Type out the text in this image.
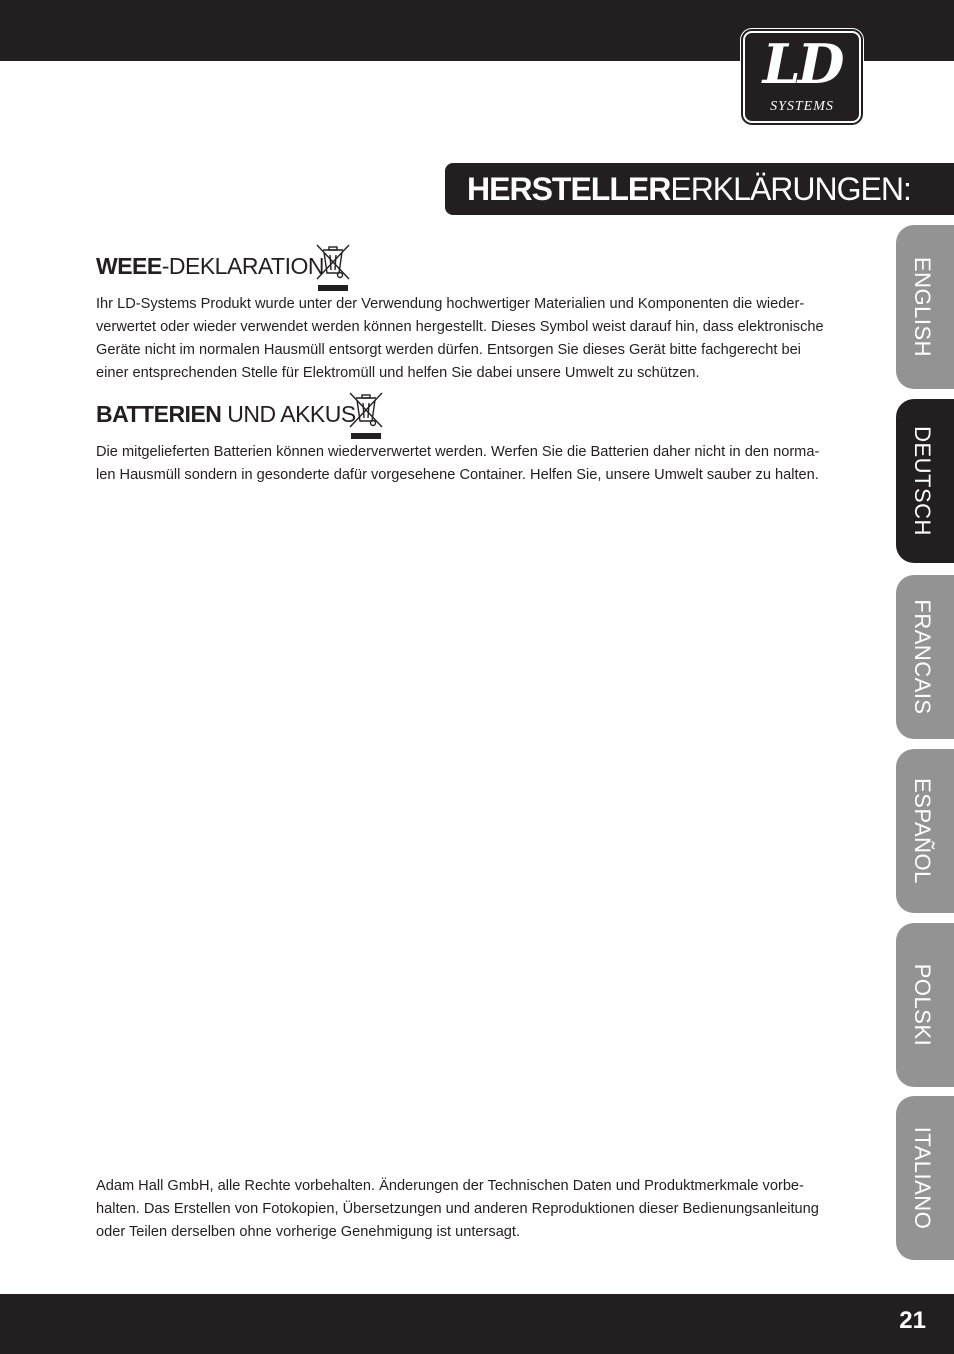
LD
SYSTEMS
HERSTELLERERKLÄRUNGEN:
WEEE-DEKLARATION

Ihr LD-Systems Produkt wurde unter der Verwendung hochwertiger Materialien und Komponenten die wieder-
verwertet oder wieder verwendet werden können hergestellt. Dieses Symbol weist darauf hin, dass elektronische
Geräte nicht im normalen Hausmüll entsorgt werden dürfen. Entsorgen Sie dieses Gerät bitte fachgerecht bei
einer entsprechenden Stelle für Elektromüll und helfen Sie dabei unsere Umwelt zu schützen.

BATTERIEN UND AKKUS

Die mitgelieferten Batterien können wiederverwertet werden. Werfen Sie die Batterien daher nicht in den norma-
len Hausmüll sondern in gesonderte dafür vorgesehene Container. Helfen Sie, unsere Umwelt sauber zu halten.

Adam Hall GmbH, alle Rechte vorbehalten. Änderungen der Technischen Daten und Produktmerkmale vorbe-
halten. Das Erstellen von Fotokopien, Übersetzungen und anderen Reproduktionen dieser Bedienungsanleitung
oder Teilen derselben ohne vorherige Genehmigung ist untersagt.

ENGLISH
DEUTSCH
FRANCAIS
ESPAÑOL
POLSKI
ITALIANO
21
